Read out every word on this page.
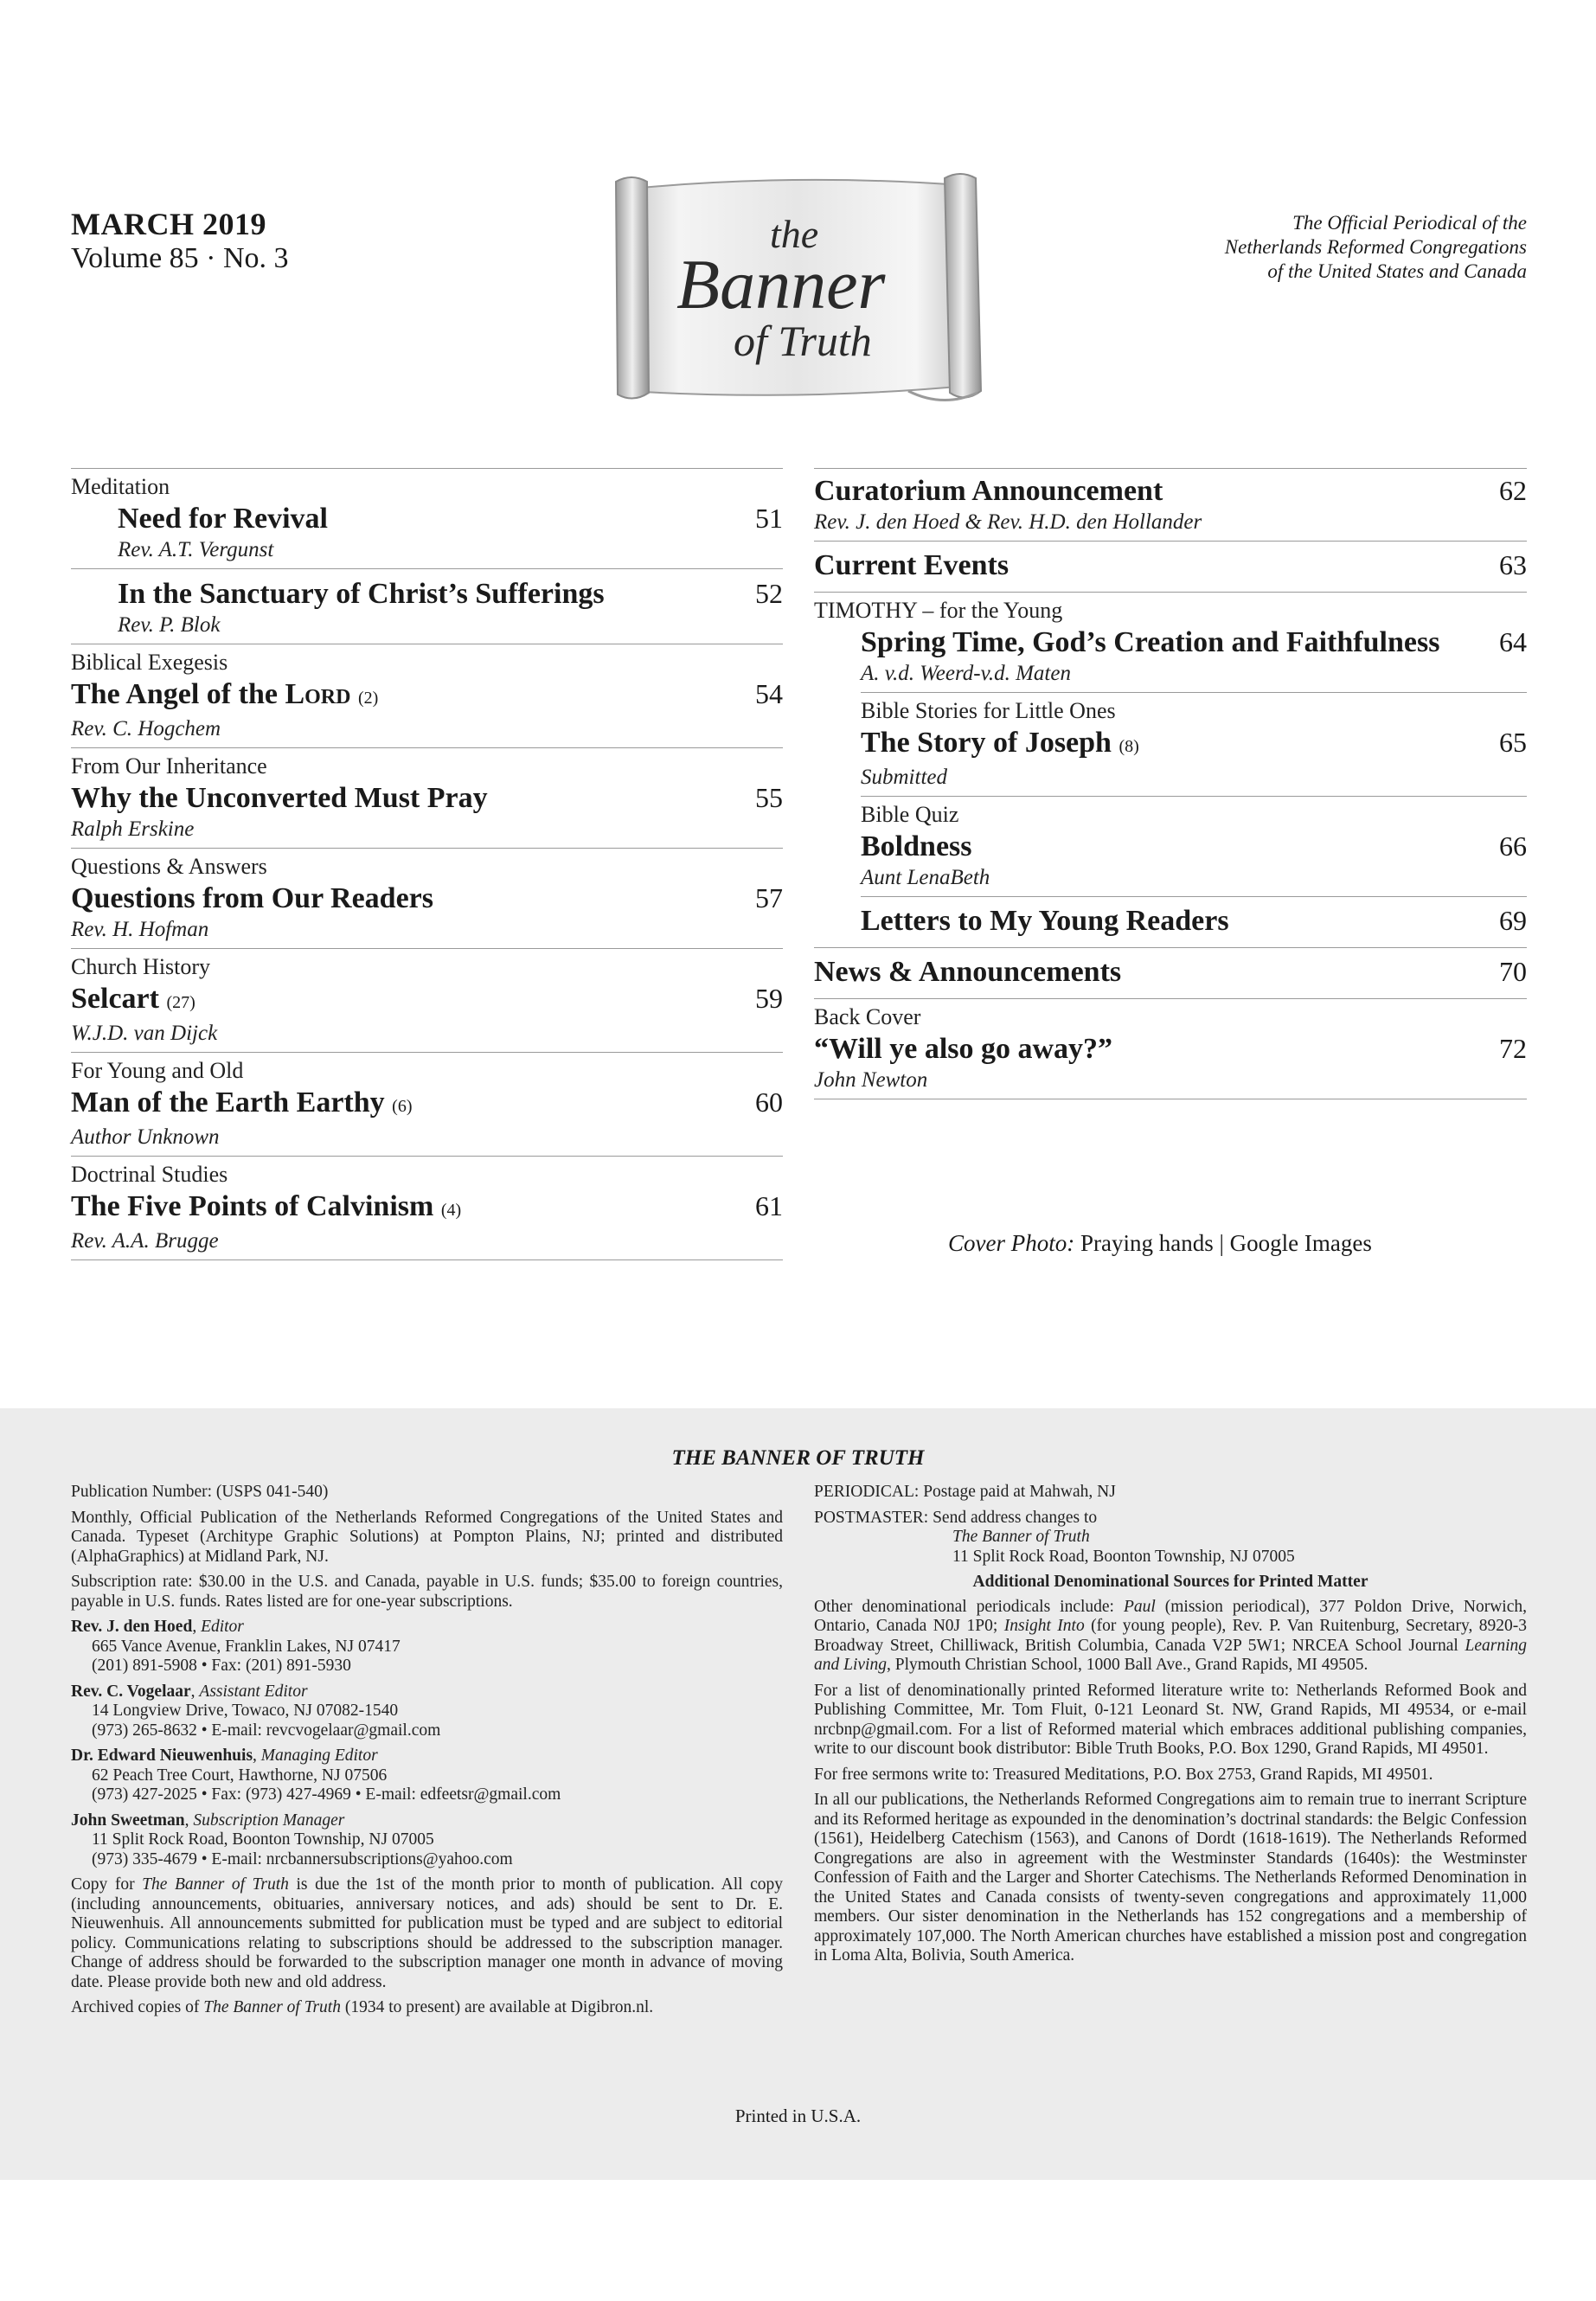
MARCH 2019
Volume 85 · No. 3
The Official Periodical of the
Netherlands Reformed Congregations
of the United States and Canada
the
Banner
of Truth
Meditation
Need for Revival	51
Rev. A.T. Vergunst
In the Sanctuary of Christ’s Sufferings	52
Rev. P. Blok
Biblical Exegesis
The Angel of the Lord (2)	54
Rev. C. Hogchem
From Our Inheritance
Why the Unconverted Must Pray	55
Ralph Erskine
Questions & Answers
Questions from Our Readers	57
Rev. H. Hofman
Church History
Selcart (27)	59
W.J.D. van Dijck
For Young and Old
Man of the Earth Earthy (6)	60
Author Unknown
Doctrinal Studies
The Five Points of Calvinism (4)	61
Rev. A.A. Brugge
Curatorium Announcement	62
Rev. J. den Hoed & Rev. H.D. den Hollander
Current Events	63
TIMOTHY – for the Young
Spring Time, God’s Creation and Faithfulness 64
A. v.d. Weerd-v.d. Maten
Bible Stories for Little Ones
The Story of Joseph (8)	65
Submitted
Bible Quiz
Boldness	66
Aunt LenaBeth
Letters to My Young Readers	69
News & Announcements	70
Back Cover
“Will ye also go away?”	72
John Newton
Cover Photo: Praying hands | Google Images
THE BANNER OF TRUTH

Publication Number: (USPS 041-540)

Monthly, Official Publication of the Netherlands Reformed Congregations of the United States and Canada. Typeset (Architype Graphic Solutions) at Pompton Plains, NJ; printed and distributed (AlphaGraphics) at Midland Park, NJ.

Subscription rate: $30.00 in the U.S. and Canada, payable in U.S. funds; $35.00 to foreign countries, payable in U.S. funds. Rates listed are for one-year subscriptions.

Rev. J. den Hoed, Editor

665 Vance Avenue, Franklin Lakes, NJ 07417

(201) 891-5908 • Fax: (201) 891-5930

Rev. C. Vogelaar, Assistant Editor

14 Longview Drive, Towaco, NJ 07082-1540

(973) 265-8632 • E-mail: revcvogelaar@gmail.com

Dr. Edward Nieuwenhuis, Managing Editor

62 Peach Tree Court, Hawthorne, NJ 07506

(973) 427-2025 • Fax: (973) 427-4969 • E-mail: edfeetsr@gmail.com

John Sweetman, Subscription Manager

11 Split Rock Road, Boonton Township, NJ 07005

(973) 335-4679 • E-mail: nrcbannersubscriptions@yahoo.com

Copy for The Banner of Truth is due the 1st of the month prior to month of publication. All copy (including announcements, obituaries, anniversary notices, and ads) should be sent to Dr. E. Nieuwenhuis. All announcements submitted for publication must be typed and are subject to editorial policy. Communications relating to subscriptions should be addressed to the subscription manager. Change of address should be forwarded to the subscription manager one month in advance of moving date. Please provide both new and old address.

Archived copies of The Banner of Truth (1934 to present) are available at Digibron.nl.

PERIODICAL: Postage paid at Mahwah, NJ

POSTMASTER: Send address changes to

The Banner of Truth

11 Split Rock Road, Boonton Township, NJ 07005

Additional Denominational Sources for Printed Matter

Other denominational periodicals include: Paul (mission periodical), 377 Poldon Drive, Norwich, Ontario, Canada N0J 1P0; Insight Into (for young people), Rev. P. Van Ruitenburg, Secretary, 8920-3 Broadway Street, Chilliwack, British Columbia, Canada V2P 5W1; NRCEA School Journal Learning and Living, Plymouth Christian School, 1000 Ball Ave., Grand Rapids, MI 49505.

For a list of denominationally printed Reformed literature write to: Netherlands Reformed Book and Publishing Committee, Mr. Tom Fluit, 0-121 Leonard St. NW, Grand Rapids, MI 49534, or e-mail nrcbnp@gmail.com. For a list of Reformed material which embraces additional publishing companies, write to our discount book distributor: Bible Truth Books, P.O. Box 1290, Grand Rapids, MI 49501.

For free sermons write to: Treasured Meditations, P.O. Box 2753, Grand Rapids, MI 49501.

In all our publications, the Netherlands Reformed Congregations aim to remain true to inerrant Scripture and its Reformed heritage as expounded in the denomination’s doctrinal standards: the Belgic Confession (1561), Heidelberg Catechism (1563), and Canons of Dordt (1618-1619). The Netherlands Reformed Congregations are also in agreement with the Westminster Standards (1640s): the Westminster Confession of Faith and the Larger and Shorter Catechisms. The Netherlands Reformed Denomination in the United States and Canada consists of twenty-seven congregations and approximately 11,000 members. Our sister denomination in the Netherlands has 152 congregations and a membership of approximately 107,000. The North American churches have established a mission post and congregation in Loma Alta, Bolivia, South America.

Printed in U.S.A.
